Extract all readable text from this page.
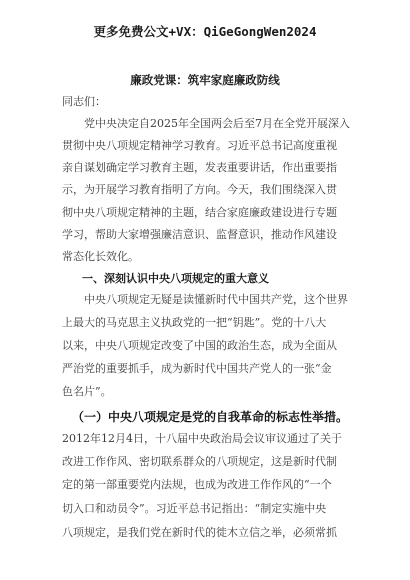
更多免费公文+VX：QiGeGongWen2024
廉政党课：筑牢家庭廉政防线
同志们：
党中央决定自2025年全国两会后至7月在全党开展深入
贯彻中央八项规定精神学习教育。习近平总书记高度重视
亲自谋划确定学习教育主题，发表重要讲话，作出重要指
示，为开展学习教育指明了方向。今天，我们围绕深入贯
彻中央八项规定精神的主题，结合家庭廉政建设进行专题
学习，帮助大家增强廉洁意识、监督意识，推动作风建设
常态化长效化。
一、深刻认识中央八项规定的重大意义
中央八项规定无疑是读懂新时代中国共产党，这个世界
上最大的马克思主义执政党的一把“钥匙”。党的十八大
以来，中央八项规定改变了中国的政治生态，成为全面从
严治党的重要抓手，成为新时代中国共产党人的一张“金
色名片”。
（一）中央八项规定是党的自我革命的标志性举措。
2012年12月4日，十八届中央政治局会议审议通过了关于
改进工作作风、密切联系群众的八项规定，这是新时代制
定的第一部重要党内法规，也成为改进工作作风的“一个
切入口和动员令”。习近平总书记指出：“制定实施中央
八项规定，是我们党在新时代的徙木立信之举，必须常抓
